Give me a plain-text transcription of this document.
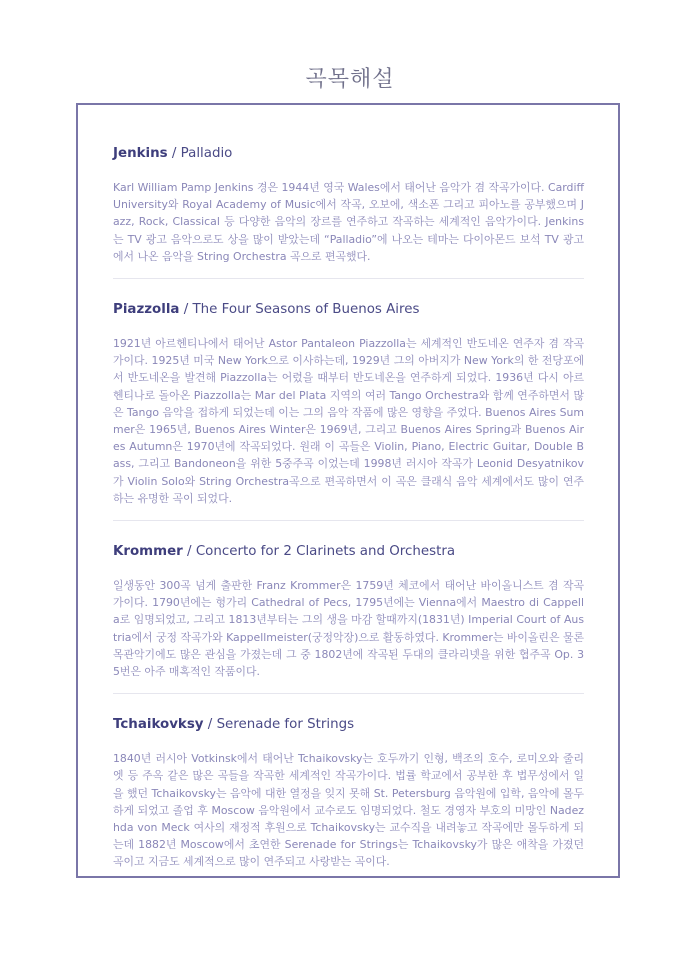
곡목해설
Jenkins / Palladio

Karl William Pamp Jenkins 경은 1944년 영국 Wales에서 태어난 음악가 겸 작곡가이다. Cardiff University와 Royal Academy of Music에서 작곡, 오보에, 색소폰 그리고 피아노를 공부했으며 Jazz, Rock, Classical 등 다양한 음악의 장르를 연주하고 작곡하는 세계적인 음악가이다. Jenkins는 TV 광고 음악으로도 상을 많이 받았는데 “Palladio”에 나오는 테마는 다이아몬드 보석 TV 광고에서 나온 음악을 String Orchestra 곡으로 편곡했다.

Piazzolla / The Four Seasons of Buenos Aires

1921년 아르헨티나에서 태어난 Astor Pantaleon Piazzolla는 세계적인 반도네온 연주자 겸 작곡가이다. 1925년 미국 New York으로 이사하는데, 1929년 그의 아버지가 New York의 한 전당포에서 반도네온을 발견해 Piazzolla는 어렸을 때부터 반도네온을 연주하게 되었다. 1936년 다시 아르헨티나로 돌아온 Piazzolla는 Mar del Plata 지역의 여러 Tango Orchestra와 함께 연주하면서 많은 Tango 음악을 접하게 되었는데 이는 그의 음악 작품에 많은 영향을 주었다. Buenos Aires Summer은 1965년, Buenos Aires Winter은 1969년, 그리고 Buenos Aires Spring과 Buenos Aires Autumn은 1970년에 작곡되었다. 원래 이 곡들은 Violin, Piano, Electric Guitar, Double Bass, 그리고 Bandoneon을 위한 5중주곡 이었는데 1998년 러시아 작곡가 Leonid Desyatnikov가 Violin Solo와 String Orchestra곡으로 편곡하면서 이 곡은 클래식 음악 세계에서도 많이 연주하는 유명한 곡이 되었다.

Krommer / Concerto for 2 Clarinets and Orchestra

일생동안 300곡 넘게 출판한 Franz Krommer은 1759년 체코에서 태어난 바이올니스트 겸 작곡가이다. 1790년에는 헝가리 Cathedral of Pecs, 1795년에는 Vienna에서 Maestro di Cappella로 임명되었고, 그리고 1813년부터는 그의 생을 마감 할때까지(1831년) Imperial Court of Austria에서 궁정 작곡가와 Kappellmeister(궁정악장)으로 활동하였다. Krommer는 바이올린은 물론 목관악기에도 많은 관심을 가졌는데 그 중 1802년에 작곡된 두대의 클라리넷을 위한 협주곡 Op. 35번은 아주 매혹적인 작품이다.

Tchaikovksy / Serenade for Strings

1840년 러시아 Votkinsk에서 태어난 Tchaikovsky는 호두까기 인형, 백조의 호수, 로미오와 줄리엣 등 주옥 같은 많은 곡들을 작곡한 세계적인 작곡가이다. 법률 학교에서 공부한 후 법무성에서 일을 했던 Tchaikovsky는 음악에 대한 열정을 잊지 못해 St. Petersburg 음악원에 입학, 음악에 몰두하게 되었고 졸업 후 Moscow 음악원에서 교수로도 임명되었다. 철도 경영자 부호의 미망인 Nadezhda von Meck 여사의 재정적 후원으로 Tchaikovsky는 교수직을 내려놓고 작곡에만 몰두하게 되는데 1882년 Moscow에서 초연한 Serenade for Strings는 Tchaikovsky가 많은 애착을 가졌던 곡이고 지금도 세계적으로 많이 연주되고 사랑받는 곡이다.
